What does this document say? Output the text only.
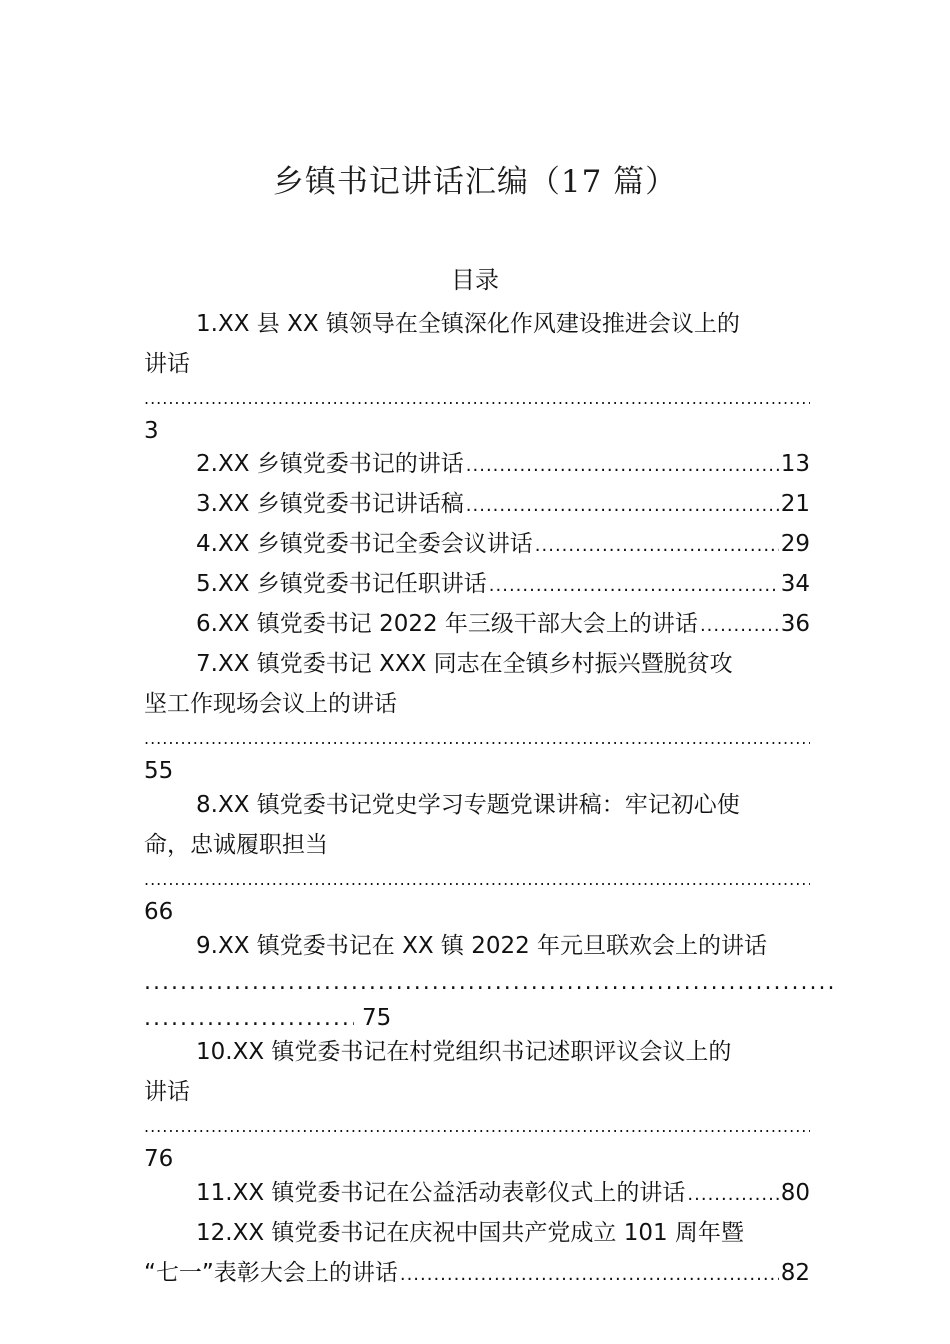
乡镇书记讲话汇编（17 篇）
目录
1.XX 县 XX 镇领导在全镇深化作风建设推进会议上的
讲话
.....
3
2.XX 乡镇党委书记的讲话 .....	13
3.XX 乡镇党委书记讲话稿 .....	21
4.XX 乡镇党委书记全委会议讲话 .....	29
5.XX 乡镇党委书记任职讲话 .....	34
6.XX 镇党委书记 2022 年三级干部大会上的讲话 .....	36
7.XX 镇党委书记 XXX 同志在全镇乡村振兴暨脱贫攻
坚工作现场会议上的讲话
.....
55
8.XX 镇党委书记党史学习专题党课讲稿：牢记初心使
命，忠诚履职担当
.....
66
9.XX 镇党委书记在 XX 镇 2022 年元旦联欢会上的讲话
.....
.....
75
10.XX 镇党委书记在村党组织书记述职评议会议上的
讲话
.....
76
11.XX 镇党委书记在公益活动表彰仪式上的讲话 .....	80
12.XX 镇党委书记在庆祝中国共产党成立 101 周年暨
“七一”表彰大会上的讲话 .....	82
